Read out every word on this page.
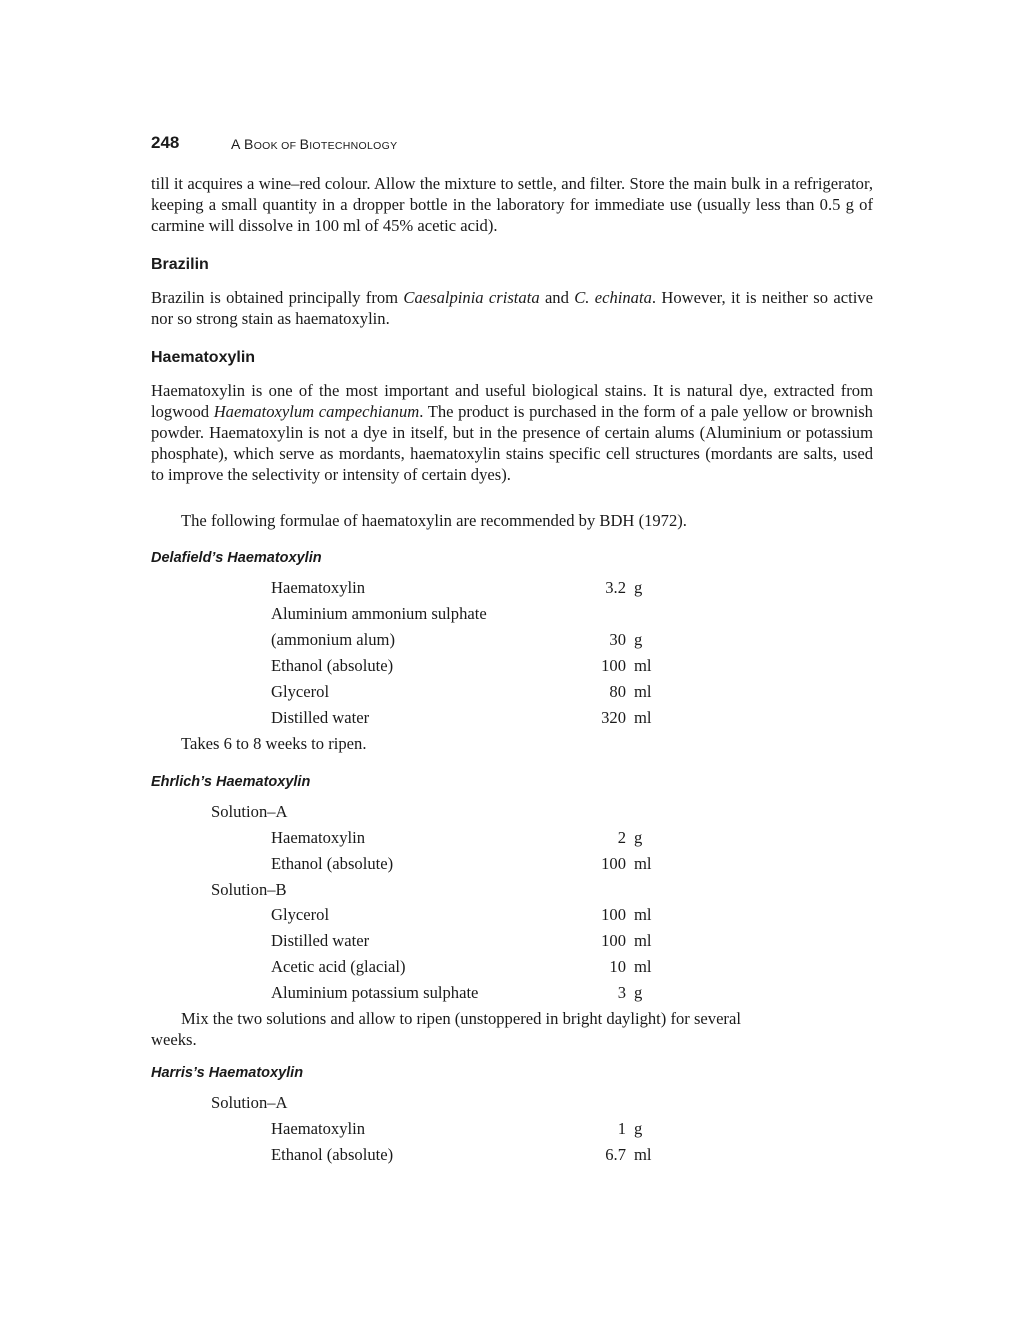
248	A BOOK OF BIOTECHNOLOGY
till it acquires a wine–red colour. Allow the mixture to settle, and filter. Store the main bulk in a refrigerator, keeping a small quantity in a dropper bottle in the laboratory for immediate use (usually less than 0.5 g of carmine will dissolve in 100 ml of 45% acetic acid).
Brazilin
Brazilin is obtained principally from Caesalpinia cristata and C. echinata. However, it is neither so active nor so strong stain as haematoxylin.
Haematoxylin
Haematoxylin is one of the most important and useful biological stains. It is natural dye, extracted from logwood Haematoxylum campechianum. The product is purchased in the form of a pale yellow or brownish powder. Haematoxylin is not a dye in itself, but in the presence of certain alums (Aluminium or potassium phosphate), which serve as mordants, haematoxylin stains specific cell structures (mordants are salts, used to improve the selectivity or intensity of certain dyes).
The following formulae of haematoxylin are recommended by BDH (1972).
Delafield’s Haematoxylin
Haematoxylin	3.2 g
Aluminium ammonium sulphate
(ammonium alum)	30 g
Ethanol (absolute)	100 ml
Glycerol	80 ml
Distilled water	320 ml
Takes 6 to 8 weeks to ripen.
Ehrlich’s Haematoxylin
Solution–A
Haematoxylin	2 g
Ethanol (absolute)	100 ml
Solution–B
Glycerol	100 ml
Distilled water	100 ml
Acetic acid (glacial)	10 ml
Aluminium potassium sulphate	3 g
Mix the two solutions and allow to ripen (unstoppered in bright daylight) for several
weeks.
Harris’s Haematoxylin
Solution–A
Haematoxylin	1 g
Ethanol (absolute)	6.7 ml
